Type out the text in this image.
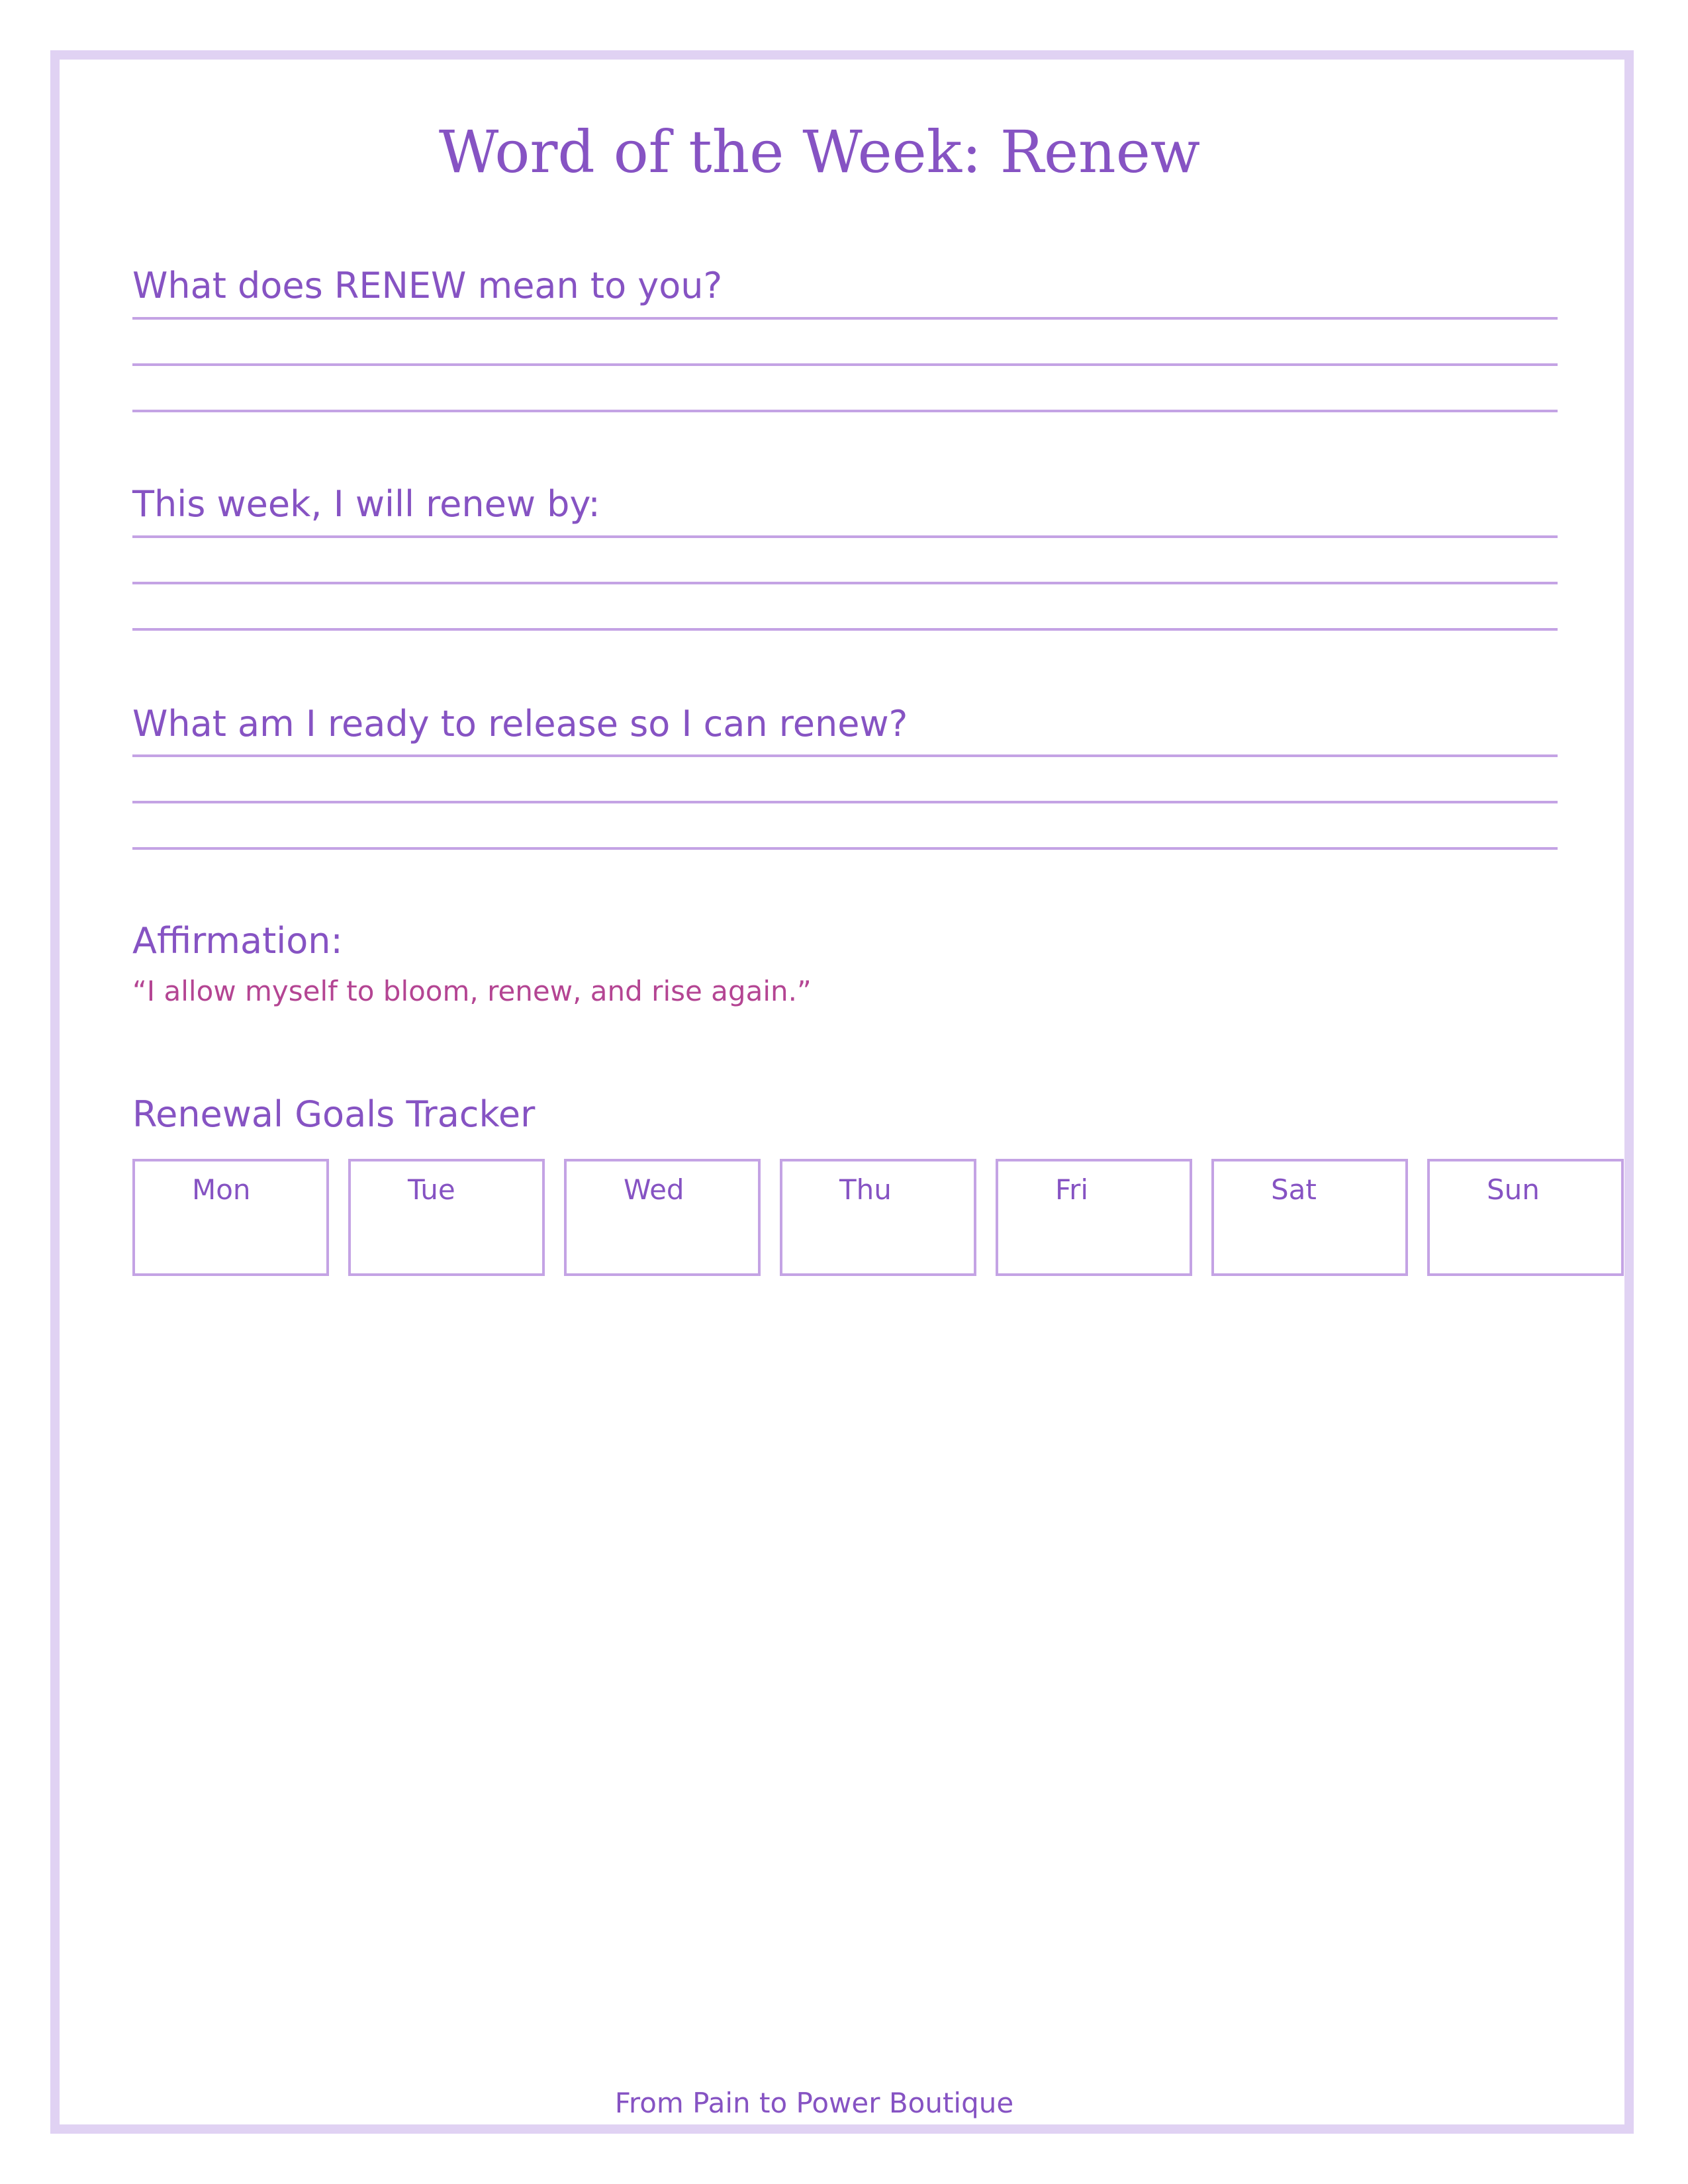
Word of the Week: Renew
What does RENEW mean to you?
This week, I will renew by:
What am I ready to release so I can renew?
Affirmation:
“I allow myself to bloom, renew, and rise again.”
Renewal Goals Tracker
Mon	Tue	Wed	Thu	Fri	Sat	Sun
From Pain to Power Boutique
